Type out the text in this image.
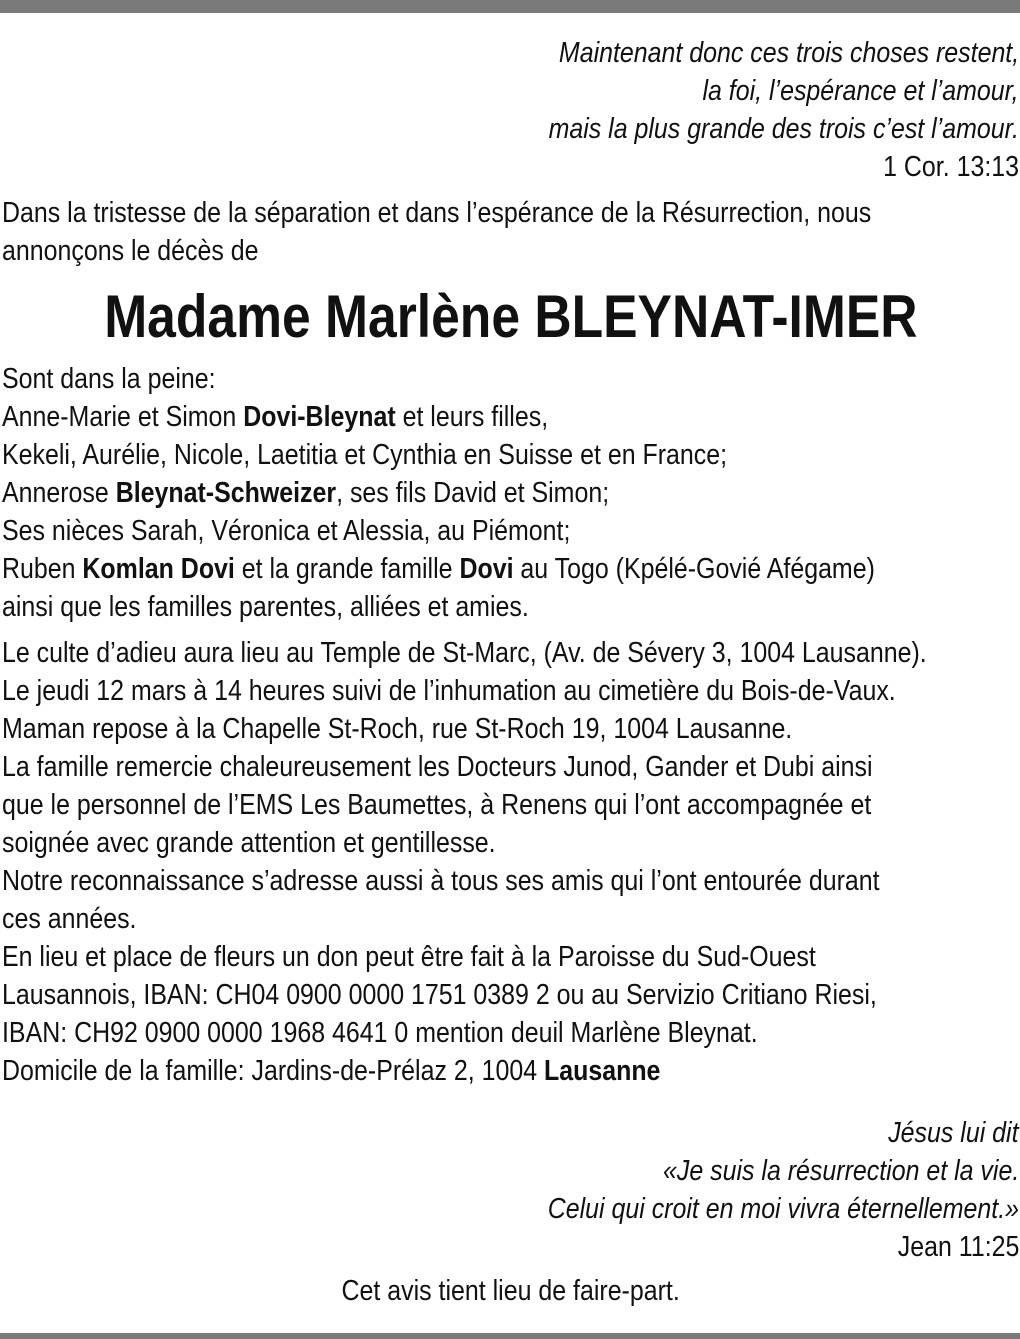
Maintenant donc ces trois choses restent,
la foi, l’espérance et l’amour,
mais la plus grande des trois c’est l’amour.
1 Cor. 13:13
Dans la tristesse de la séparation et dans l’espérance de la Résurrection, nous
annonçons le décès de
Madame Marlène BLEYNAT-IMER
Sont dans la peine:
Anne-Marie et Simon Dovi-Bleynat et leurs filles,
Kekeli, Aurélie, Nicole, Laetitia et Cynthia en Suisse et en France;
Annerose Bleynat-Schweizer, ses fils David et Simon;
Ses nièces Sarah, Véronica et Alessia, au Piémont;
Ruben Komlan Dovi et la grande famille Dovi au Togo (Kpélé-Govié Afégame)
ainsi que les familles parentes, alliées et amies.
Le culte d’adieu aura lieu au Temple de St-Marc, (Av. de Sévery 3, 1004 Lausanne).
Le jeudi 12 mars à 14 heures suivi de l’inhumation au cimetière du Bois-de-Vaux.
Maman repose à la Chapelle St-Roch, rue St-Roch 19, 1004 Lausanne.
La famille remercie chaleureusement les Docteurs Junod, Gander et Dubi ainsi
que le personnel de l’EMS Les Baumettes, à Renens qui l’ont accompagnée et
soignée avec grande attention et gentillesse.
Notre reconnaissance s’adresse aussi à tous ses amis qui l’ont entourée durant
ces années.
En lieu et place de fleurs un don peut être fait à la Paroisse du Sud-Ouest
Lausannois, IBAN: CH04 0900 0000 1751 0389 2 ou au Servizio Critiano Riesi,
IBAN: CH92 0900 0000 1968 4641 0 mention deuil Marlène Bleynat.
Domicile de la famille: Jardins-de-Prélaz 2, 1004 Lausanne
Jésus lui dit
«Je suis la résurrection et la vie.
Celui qui croit en moi vivra éternellement.»
Jean 11:25
Cet avis tient lieu de faire-part.
